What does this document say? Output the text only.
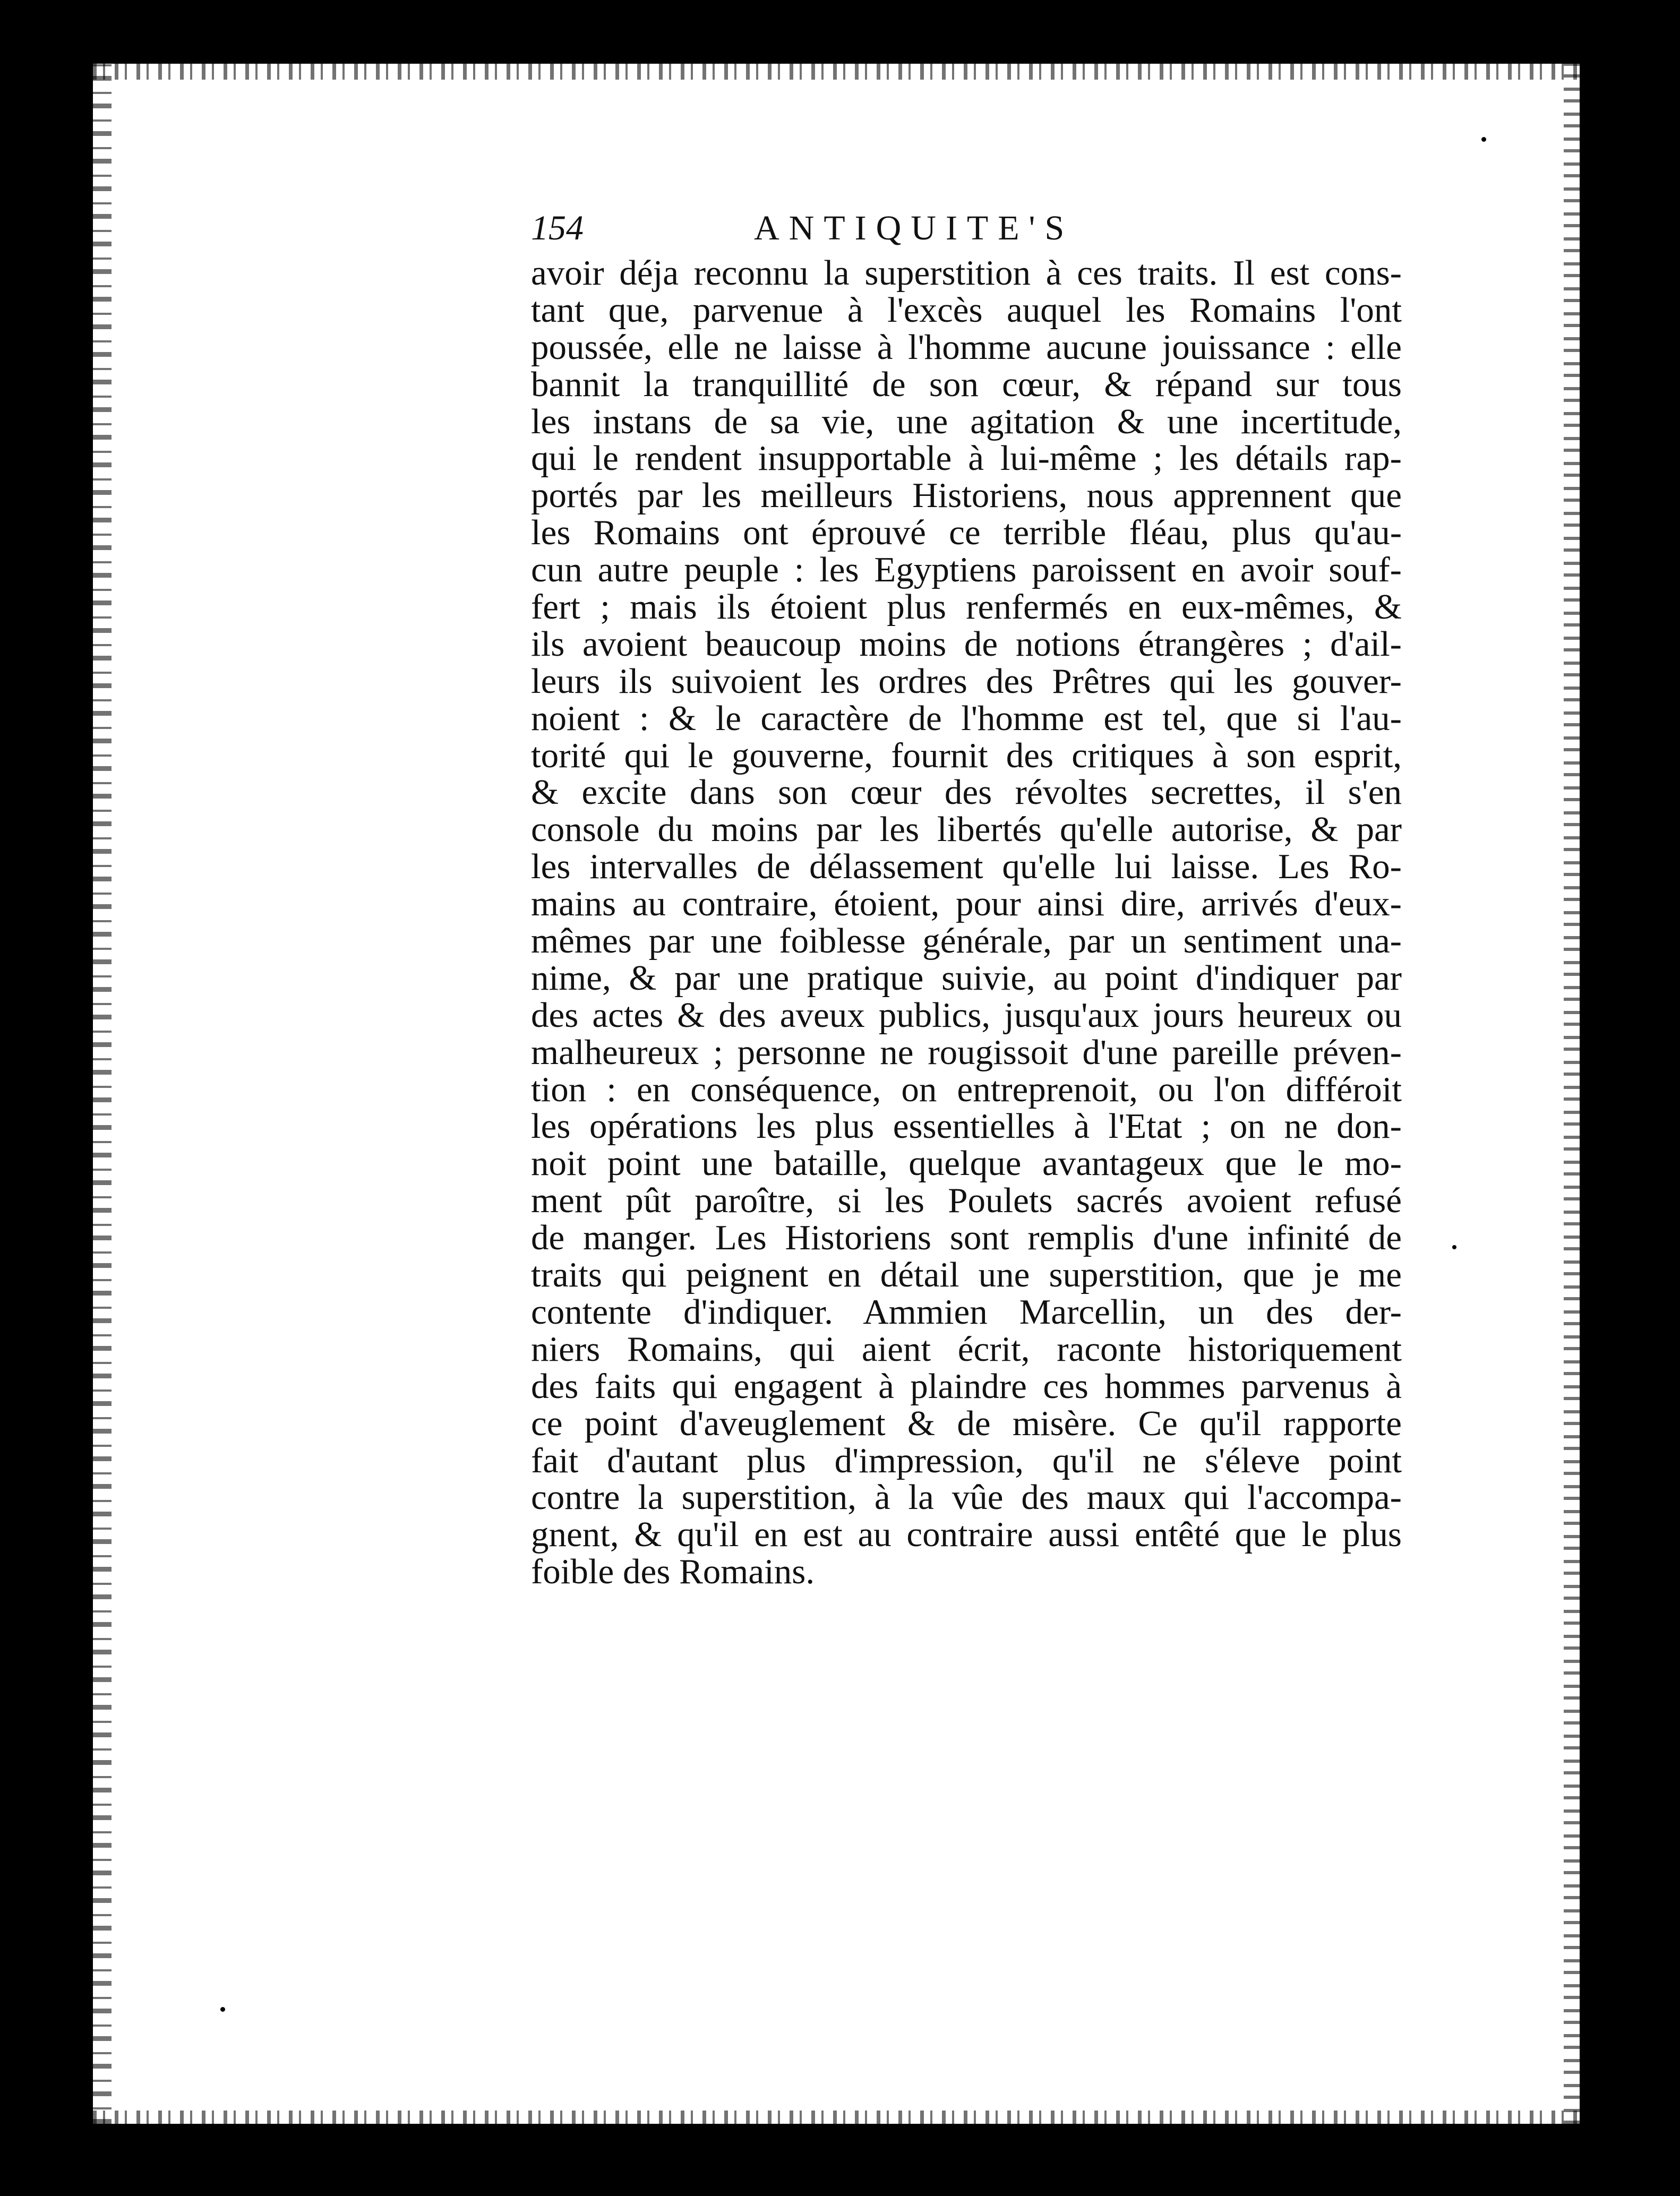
154	ANTIQUITE'S
avoir déja reconnu la superstition à ces traits. Il est cons-
tant que, parvenue à l'excès auquel les Romains l'ont
poussée, elle ne laisse à l'homme aucune jouissance : elle
bannit la tranquillité de son cœur, & répand sur tous
les instans de sa vie, une agitation & une incertitude,
qui le rendent insupportable à lui-même ; les détails rap-
portés par les meilleurs Historiens, nous apprennent que
les Romains ont éprouvé ce terrible fléau, plus qu'au-
cun autre peuple : les Egyptiens paroissent en avoir souf-
fert ; mais ils étoient plus renfermés en eux-mêmes, &
ils avoient beaucoup moins de notions étrangères ; d'ail-
leurs ils suivoient les ordres des Prêtres qui les gouver-
noient : & le caractère de l'homme est tel, que si l'au-
torité qui le gouverne, fournit des critiques à son esprit,
& excite dans son cœur des révoltes secrettes, il s'en
console du moins par les libertés qu'elle autorise, & par
les intervalles de délassement qu'elle lui laisse. Les Ro-
mains au contraire, étoient, pour ainsi dire, arrivés d'eux-
mêmes par une foiblesse générale, par un sentiment una-
nime, & par une pratique suivie, au point d'indiquer par
des actes & des aveux publics, jusqu'aux jours heureux ou
malheureux ; personne ne rougissoit d'une pareille préven-
tion : en conséquence, on entreprenoit, ou l'on différoit
les opérations les plus essentielles à l'Etat ; on ne don-
noit point une bataille, quelque avantageux que le mo-
ment pût paroître, si les Poulets sacrés avoient refusé
de manger. Les Historiens sont remplis d'une infinité de
traits qui peignent en détail une superstition, que je me
contente d'indiquer. Ammien Marcellin, un des der-
niers Romains, qui aient écrit, raconte historiquement
des faits qui engagent à plaindre ces hommes parvenus à
ce point d'aveuglement & de misère. Ce qu'il rapporte
fait d'autant plus d'impression, qu'il ne s'éleve point
contre la superstition, à la vûe des maux qui l'accompa-
gnent, & qu'il en est au contraire aussi entêté que le plus
foible des Romains.
